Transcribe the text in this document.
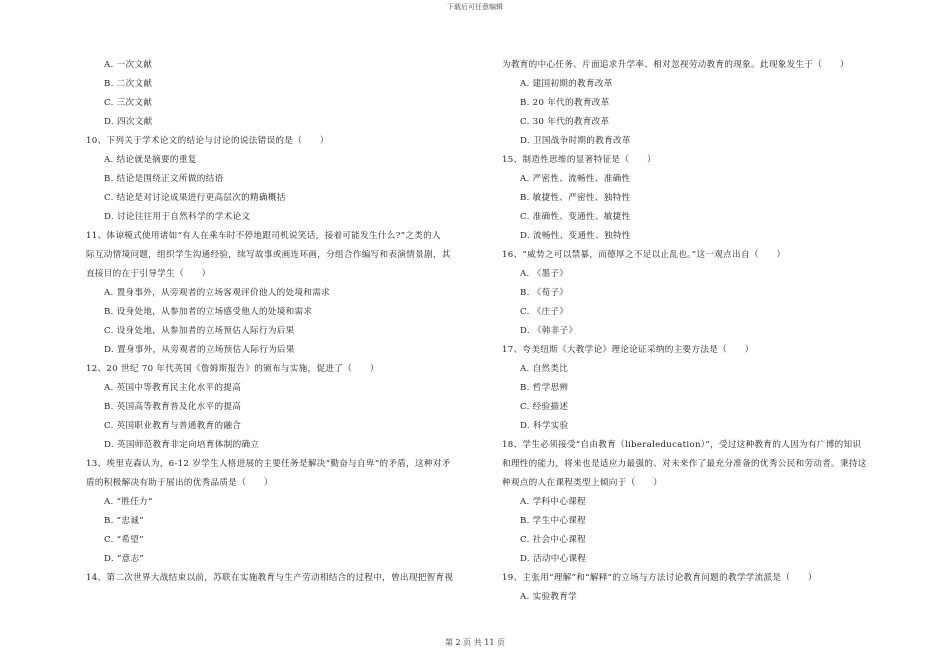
下载后可任意编辑
A. 一次文献
B. 二次文献
C. 三次文献
D. 四次文献
10、下列关于学术论文的结论与讨论的说法错误的是（　　）
A. 结论就是摘要的重复
B. 结论是围绕正文所做的结语
C. 结论是对讨论成果进行更高层次的精确概括
D. 讨论往往用于自然科学的学术论文
11、体谅模式使用诸如“有人在乘车时不停地跟司机说笑话，接着可能发生什么?”之类的人
际互动情境问题，组织学生沟通经验，续写故事或画连环画，分组合作编写和表演情景剧，其
直接目的在于引导学生（　　）
A. 置身事外，从旁观者的立场客观评价他人的处境和需求
B. 设身处地，从参加者的立场感受他人的处境和需求
C. 设身处地，从参加者的立场预估人际行为后果
D. 置身事外，从旁观者的立场预估人际行为后果
12、20 世纪 70 年代英国《詹姆斯报告》的颁布与实施，促进了（　　）
A. 英国中等教育民主化水平的提高
B. 英国高等教育普及化水平的提高
C. 英国职业教育与普通教育的融合
D. 英国师范教育非定向培育体制的确立
13、埃里克森认为，6-12 岁学生人格进展的主要任务是解决“勤奋与自卑“的矛盾，这种对矛
盾的积极解决有助于展出的优秀品质是（　　）
A. “胜任力“
B. “忠诚”
C. “希望”
D. “意志”
14、第二次世界大战结束以前，苏联在实施教育与生产劳动相结合的过程中，曾出现把智育视
为教育的中心任务、片面追求升学率、相对忽视劳动教育的现象。此现象发生于（　　）
A. 建国初期的教育改革
B. 20 年代的教育改革
C. 30 年代的教育改革
D. 卫国战争时期的教育改革
15、制造性思维的显著特征是（　　）
A. 严密性、流畅性、准确性
B. 敏捷性、严密性、独特性
C. 准确性、变通性、敏捷性
D. 流畅性、变通性、独特性
16、“威势之可以禁暴，而德厚之不足以止乱也。”这一观点出自（　　）
A. 《墨子》
B. 《荀子》
C. 《庄子》
D. 《韩非子》
17、夸美纽斯《大教学论》理论论证采纳的主要方法是（　　）
A. 自然类比
B. 哲学思辨
C. 经验描述
D. 科学实验
18、学生必须接受“自由教育（liberaleducation）”，受过这种教育的人因为有广博的知识
和理性的能力，将来也是适应力最强的、对未来作了最充分准备的优秀公民和劳动者。秉持这
种观点的人在课程类型上倾向于（　　）
A. 学科中心课程
B. 学生中心课程
C. 社会中心课程
D. 活动中心课程
19、主张用“理解”和“解释”的立场与方法讨论教育问题的教学学流派是（　　）
A. 实验教育学
第 2 页 共 11 页
